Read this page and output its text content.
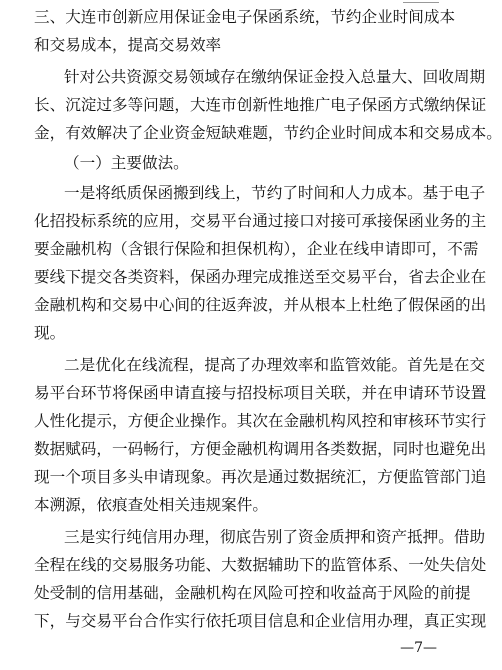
三、大连市创新应用保证金电子保函系统，节约企业时间成本
和交易成本，提高交易效率
针对公共资源交易领域存在缴纳保证金投入总量大、回收周期
长、沉淀过多等问题，大连市创新性地推广电子保函方式缴纳保证
金，有效解决了企业资金短缺难题，节约企业时间成本和交易成本。
（一）主要做法。
一是将纸质保函搬到线上，节约了时间和人力成本。基于电子
化招投标系统的应用，交易平台通过接口对接可承接保函业务的主
要金融机构（含银行保险和担保机构），企业在线申请即可，不需
要线下提交各类资料，保函办理完成推送至交易平台，省去企业在
金融机构和交易中心间的往返奔波，并从根本上杜绝了假保函的出
现。
二是优化在线流程，提高了办理效率和监管效能。首先是在交
易平台环节将保函申请直接与招投标项目关联，并在申请环节设置
人性化提示，方便企业操作。其次在金融机构风控和审核环节实行
数据赋码，一码畅行，方便金融机构调用各类数据，同时也避免出
现一个项目多头申请现象。再次是通过数据统汇，方便监管部门追
本溯源，依痕查处相关违规案件。
三是实行纯信用办理，彻底告别了资金质押和资产抵押。借助
全程在线的交易服务功能、大数据辅助下的监管体系、一处失信处
处受制的信用基础，金融机构在风险可控和收益高于风险的前提
下，与交易平台合作实行依托项目信息和企业信用办理，真正实现
—7—
